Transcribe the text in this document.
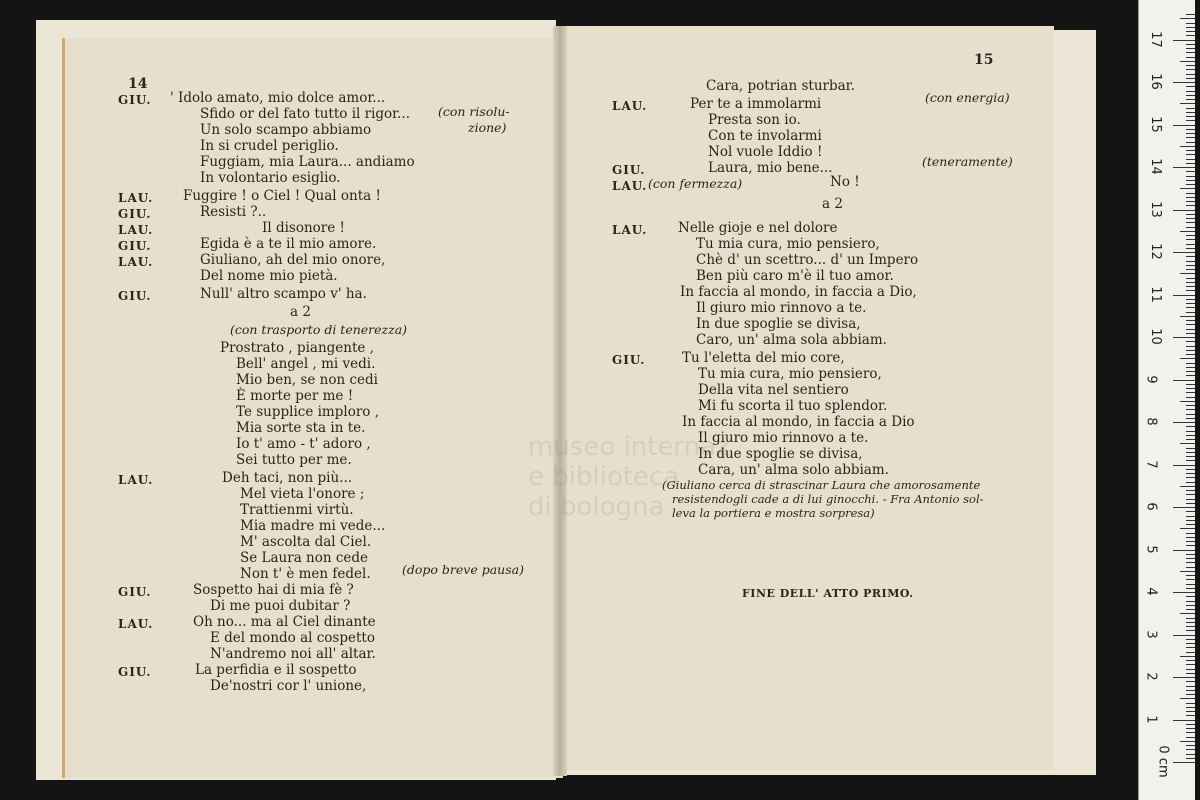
museo internaz
e biblioteca
di bologna
14
15
GIU. ' Idolo amato, mio dolce amor...
Sfido or del fato tutto il rigor... (con risolu-
Un solo scampo abbiamo	zione)
In si crudel periglio.
Fuggiam, mia Laura... andiamo
In volontario esiglio.
LAU. Fuggire ! o Ciel ! Qual onta !
GIU.	Resisti ?..
LAU.	Il disonore !
GIU.	Egida è a te il mio amore.
LAU.	Giuliano, ah del mio onore,
Del nome mio pietà.
GIU.	Null' altro scampo v' ha.
a 2
(con trasporto di tenerezza)
Prostrato , piangente ,
Bell' angel , mi vedi.
Mio ben, se non cedi
È morte per me !
Te supplice imploro ,
Mia sorte sta in te.
Io t' amo - t' adoro ,
Sei tutto per me.
LAU.	Deh taci, non più...
Mel vieta l'onore ;
Trattienmi virtù.
Mia madre mi vede...
M' ascolta dal Ciel.
Se Laura non cede
Non t' è men fedel.	(dopo breve pausa)
GIU.	Sospetto hai di mia fè ?
Di me puoi dubitar ?
LAU.	Oh no... ma al Ciel dinante
E del mondo al cospetto
N'andremo noi all' altar.
GIU.	La perfidia e il sospetto
De'nostri cor l' unione,
Cara, potrian sturbar.
LAU.	Per te a immolarmi	(con energia)
Presta son io.
Con te involarmi
Nol vuole Iddio !
GIU.	Laura, mio bene...	(teneramente)
LAU. (con fermezza)	No !
a 2
LAU. Nelle gioje e nel dolore
Tu mia cura, mio pensiero,
Chè d' un scettro... d' un Impero
Ben più caro m'è il tuo amor.
In faccia al mondo, in faccia a Dio,
Il giuro mio rinnovo a te.
In due spoglie se divisa,
Caro, un' alma sola abbiam.
GIU.	Tu l'eletta del mio core,
Tu mia cura, mio pensiero,
Della vita nel sentiero
Mi fu scorta il tuo splendor.
In faccia al mondo, in faccia a Dio
Il giuro mio rinnovo a te.
In due spoglie se divisa,
Cara, un' alma solo abbiam.
(Giuliano cerca di strascinar Laura che amorosamente
resistendogli cade a di lui ginocchi. - Fra Antonio sol-
leva la portiera e mostra sorpresa)
FINE DELL' ATTO PRIMO.
17
16
15
14
13
12
11
10
9
8
7
6
5
4
3
2
1
0 cm
